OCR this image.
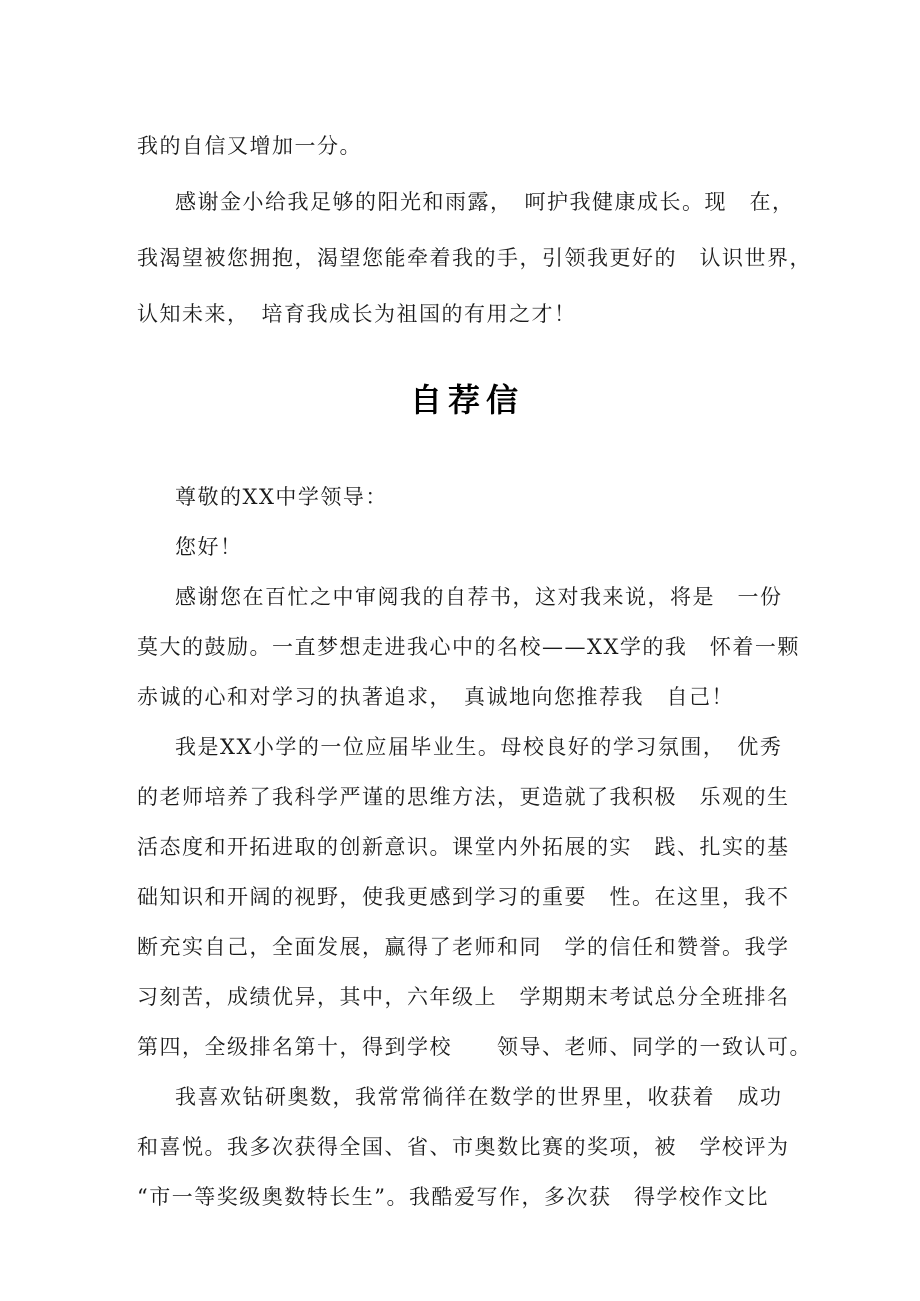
我的自信又增加一分。
感谢金小给我足够的阳光和雨露，　呵护我健康成长。现　在，
我渴望被您拥抱，渴望您能牵着我的手，引领我更好的　认识世界，
认知未来，　培育我成长为祖国的有用之才！
自荐信
尊敬的XX中学领导：
您好！
感谢您在百忙之中审阅我的自荐书，这对我来说，将是　一份
莫大的鼓励。一直梦想走进我心中的名校——XX学的我　怀着一颗
赤诚的心和对学习的执著追求，　真诚地向您推荐我　自己！
我是XX小学的一位应届毕业生。母校良好的学习氛围，　优秀
的老师培养了我科学严谨的思维方法，更造就了我积极　乐观的生
活态度和开拓进取的创新意识。课堂内外拓展的实　践、扎实的基
础知识和开阔的视野，使我更感到学习的重要　性。在这里，我不
断充实自己，全面发展，赢得了老师和同　学的信任和赞誉。我学
习刻苦，成绩优异，其中，六年级上　学期期末考试总分全班排名
第四，全级排名第十，得到学校　　领导、老师、同学的一致认可。
我喜欢钻研奥数，我常常徜徉在数学的世界里，收获着　成功
和喜悦。我多次获得全国、省、市奥数比赛的奖项，被　学校评为
“市一等奖级奥数特长生”。我酷爱写作，多次获　得学校作文比
